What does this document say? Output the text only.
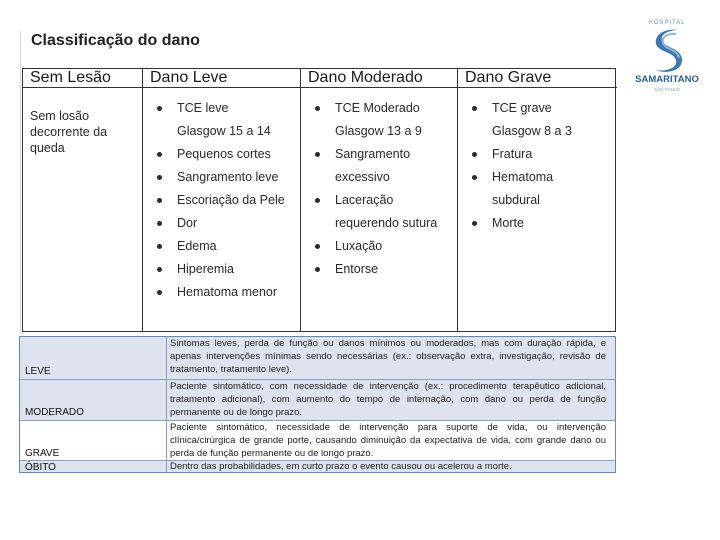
HOSPITAL
SAMARITANO
SÃO PAULO
Classificação do dano
Sem Lesão
Sem losão decorrente da queda
Dano Leve
TCE leve
Glasgow 15 a 14
Pequenos cortes
Sangramento leve
Escoriação da Pele
Dor
Edema
Hiperemia
Hematoma menor
Dano Moderado
TCE Moderado
Glasgow 13 a 9
Sangramento
excessivo
Laceração
requerendo sutura
Luxação
Entorse
Dano Grave
TCE grave
Glasgow 8 a 3
Fratura
Hematoma
subdural
Morte
LEVE
Sintomas leves, perda de função ou danos mínimos ou moderados, mas com duração rápida, e apenas intervenções mínimas sendo necessárias (ex.: observação extra, investigação, revisão de tratamento, tratamento leve).
MODERADO
Paciente sintomático, com necessidade de intervenção (ex.: procedimento terapêutico adicional, tratamento adicional), com aumento do tempo de internação, com dano ou perda de função permanente ou de longo prazo.
GRAVE
Paciente sintomático, necessidade de intervenção para suporte de vida, ou intervenção clínica/cirúrgica de grande porte, causando diminuição da expectativa de vida, com grande dano ou perda de função permanente ou de longo prazo.
ÓBITO	Dentro das probabilidades, em curto prazo o evento causou ou acelerou a morte.
